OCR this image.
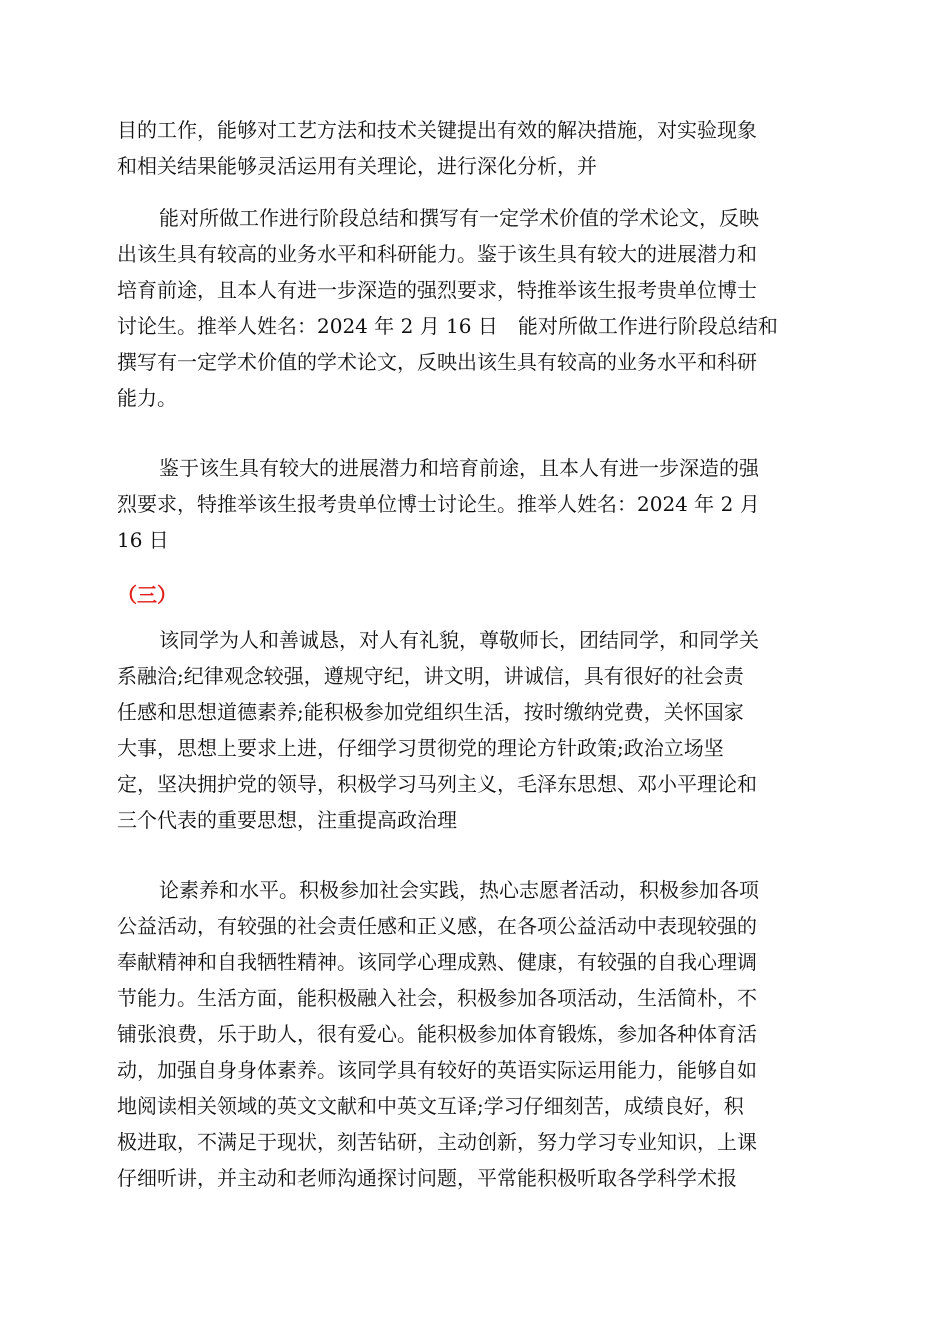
目的工作，能够对工艺方法和技术关键提出有效的解决措施，对实验现象
和相关结果能够灵活运用有关理论，进行深化分析，并

能对所做工作进行阶段总结和撰写有一定学术价值的学术论文，反映
出该生具有较高的业务水平和科研能力。鉴于该生具有较大的进展潜力和
培育前途，且本人有进一步深造的强烈要求，特推举该生报考贵单位博士
讨论生。推举人姓名：2024 年 2 月 16 日　能对所做工作进行阶段总结和
撰写有一定学术价值的学术论文，反映出该生具有较高的业务水平和科研
能力。

鉴于该生具有较大的进展潜力和培育前途，且本人有进一步深造的强
烈要求，特推举该生报考贵单位博士讨论生。推举人姓名：2024 年 2 月
16 日

（三）

该同学为人和善诚恳，对人有礼貌，尊敬师长，团结同学，和同学关
系融洽;纪律观念较强，遵规守纪，讲文明，讲诚信，具有很好的社会责
任感和思想道德素养;能积极参加党组织生活，按时缴纳党费，关怀国家
大事，思想上要求上进，仔细学习贯彻党的理论方针政策;政治立场坚
定，坚决拥护党的领导，积极学习马列主义，毛泽东思想、邓小平理论和
三个代表的重要思想，注重提高政治理

论素养和水平。积极参加社会实践，热心志愿者活动，积极参加各项
公益活动，有较强的社会责任感和正义感，在各项公益活动中表现较强的
奉献精神和自我牺牲精神。该同学心理成熟、健康，有较强的自我心理调
节能力。生活方面，能积极融入社会，积极参加各项活动，生活简朴，不
铺张浪费，乐于助人，很有爱心。能积极参加体育锻炼，参加各种体育活
动，加强自身身体素养。该同学具有较好的英语实际运用能力，能够自如
地阅读相关领域的英文文献和中英文互译;学习仔细刻苦，成绩良好，积
极进取，不满足于现状，刻苦钻研，主动创新，努力学习专业知识，上课
仔细听讲，并主动和老师沟通探讨问题，平常能积极听取各学科学术报
